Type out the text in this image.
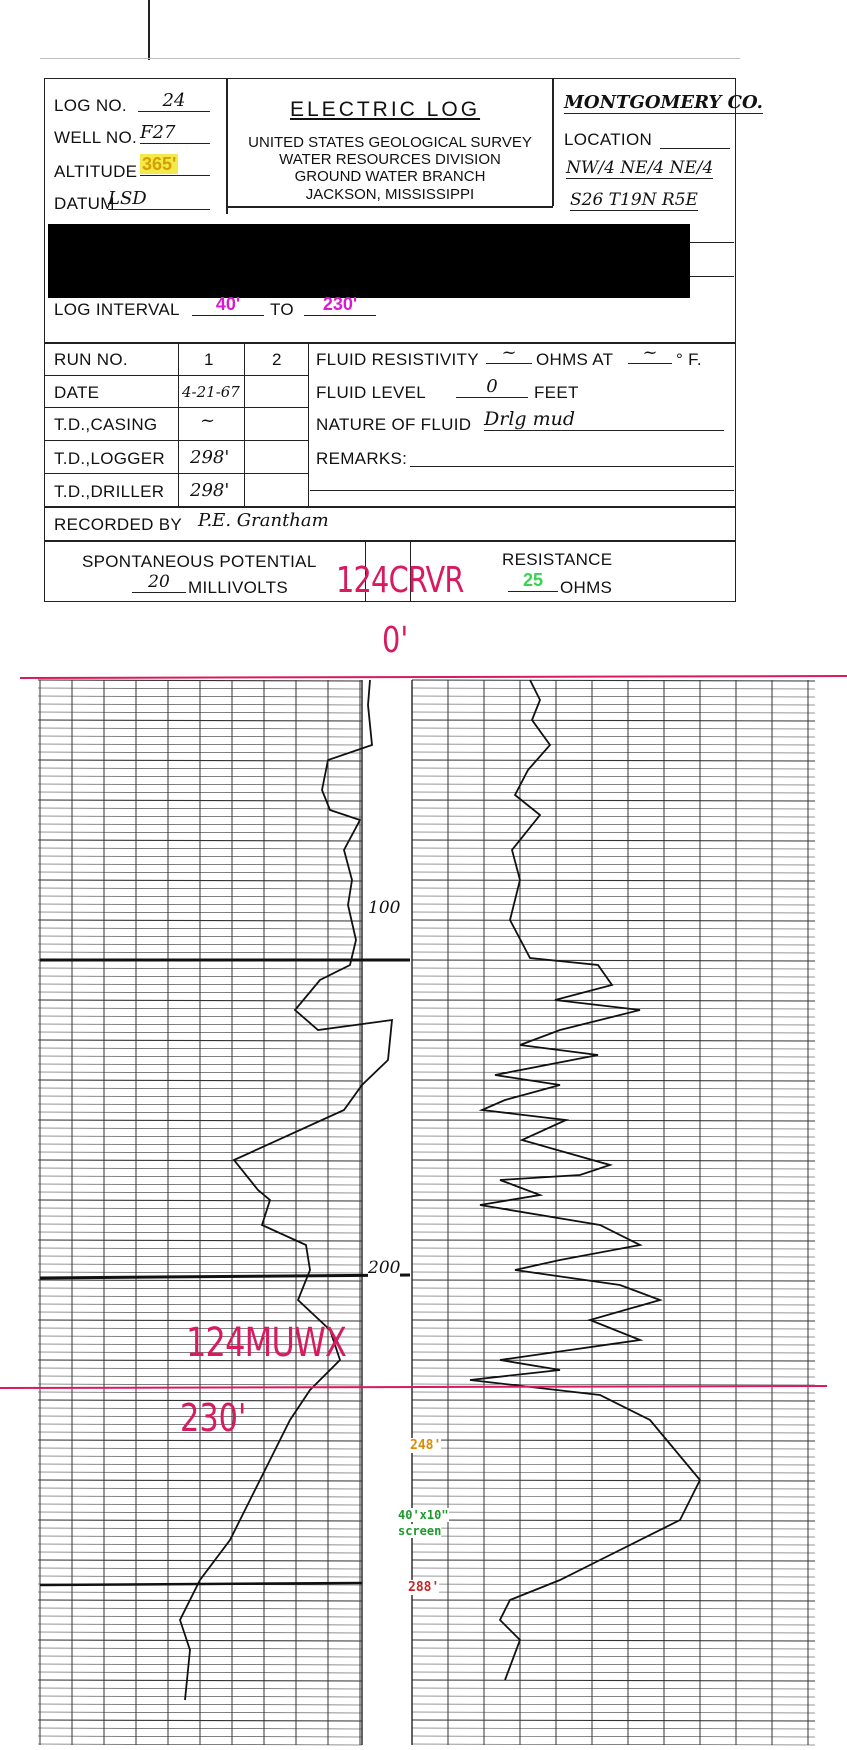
LOG NO.	24
WELL NO. F27
ALTITUDE 365'
DATUM
LSD
ELECTRIC LOG
UNITED STATES GEOLOGICAL SURVEY
WATER RESOURCES DIVISION
GROUND WATER BRANCH
JACKSON, MISSISSIPPI
MONTGOMERY CO.
LOCATION
NW/4 NE/4 NE/4
S26 T19N R5E
LOG INTERVAL	40'	TO	230'
RUN NO.	1	2
DATE	4-21-67
T.D.,CASING ~
T.D.,LOGGER 298'
T.D.,DRILLER 298'
FLUID RESISTIVITY	~	OHMS AT	~	° F.
FLUID LEVEL	0	FEET
NATURE OF FLUID Drlg mud
REMARKS:
RECORDED BY P.E. Grantham
SPONTANEOUS POTENTIAL
20	MILLIVOLTS
RESISTANCE
25 OHMS
124CRVR
0'
100
200
124MUWX
230'
248'
40'x10"
screen
288'
